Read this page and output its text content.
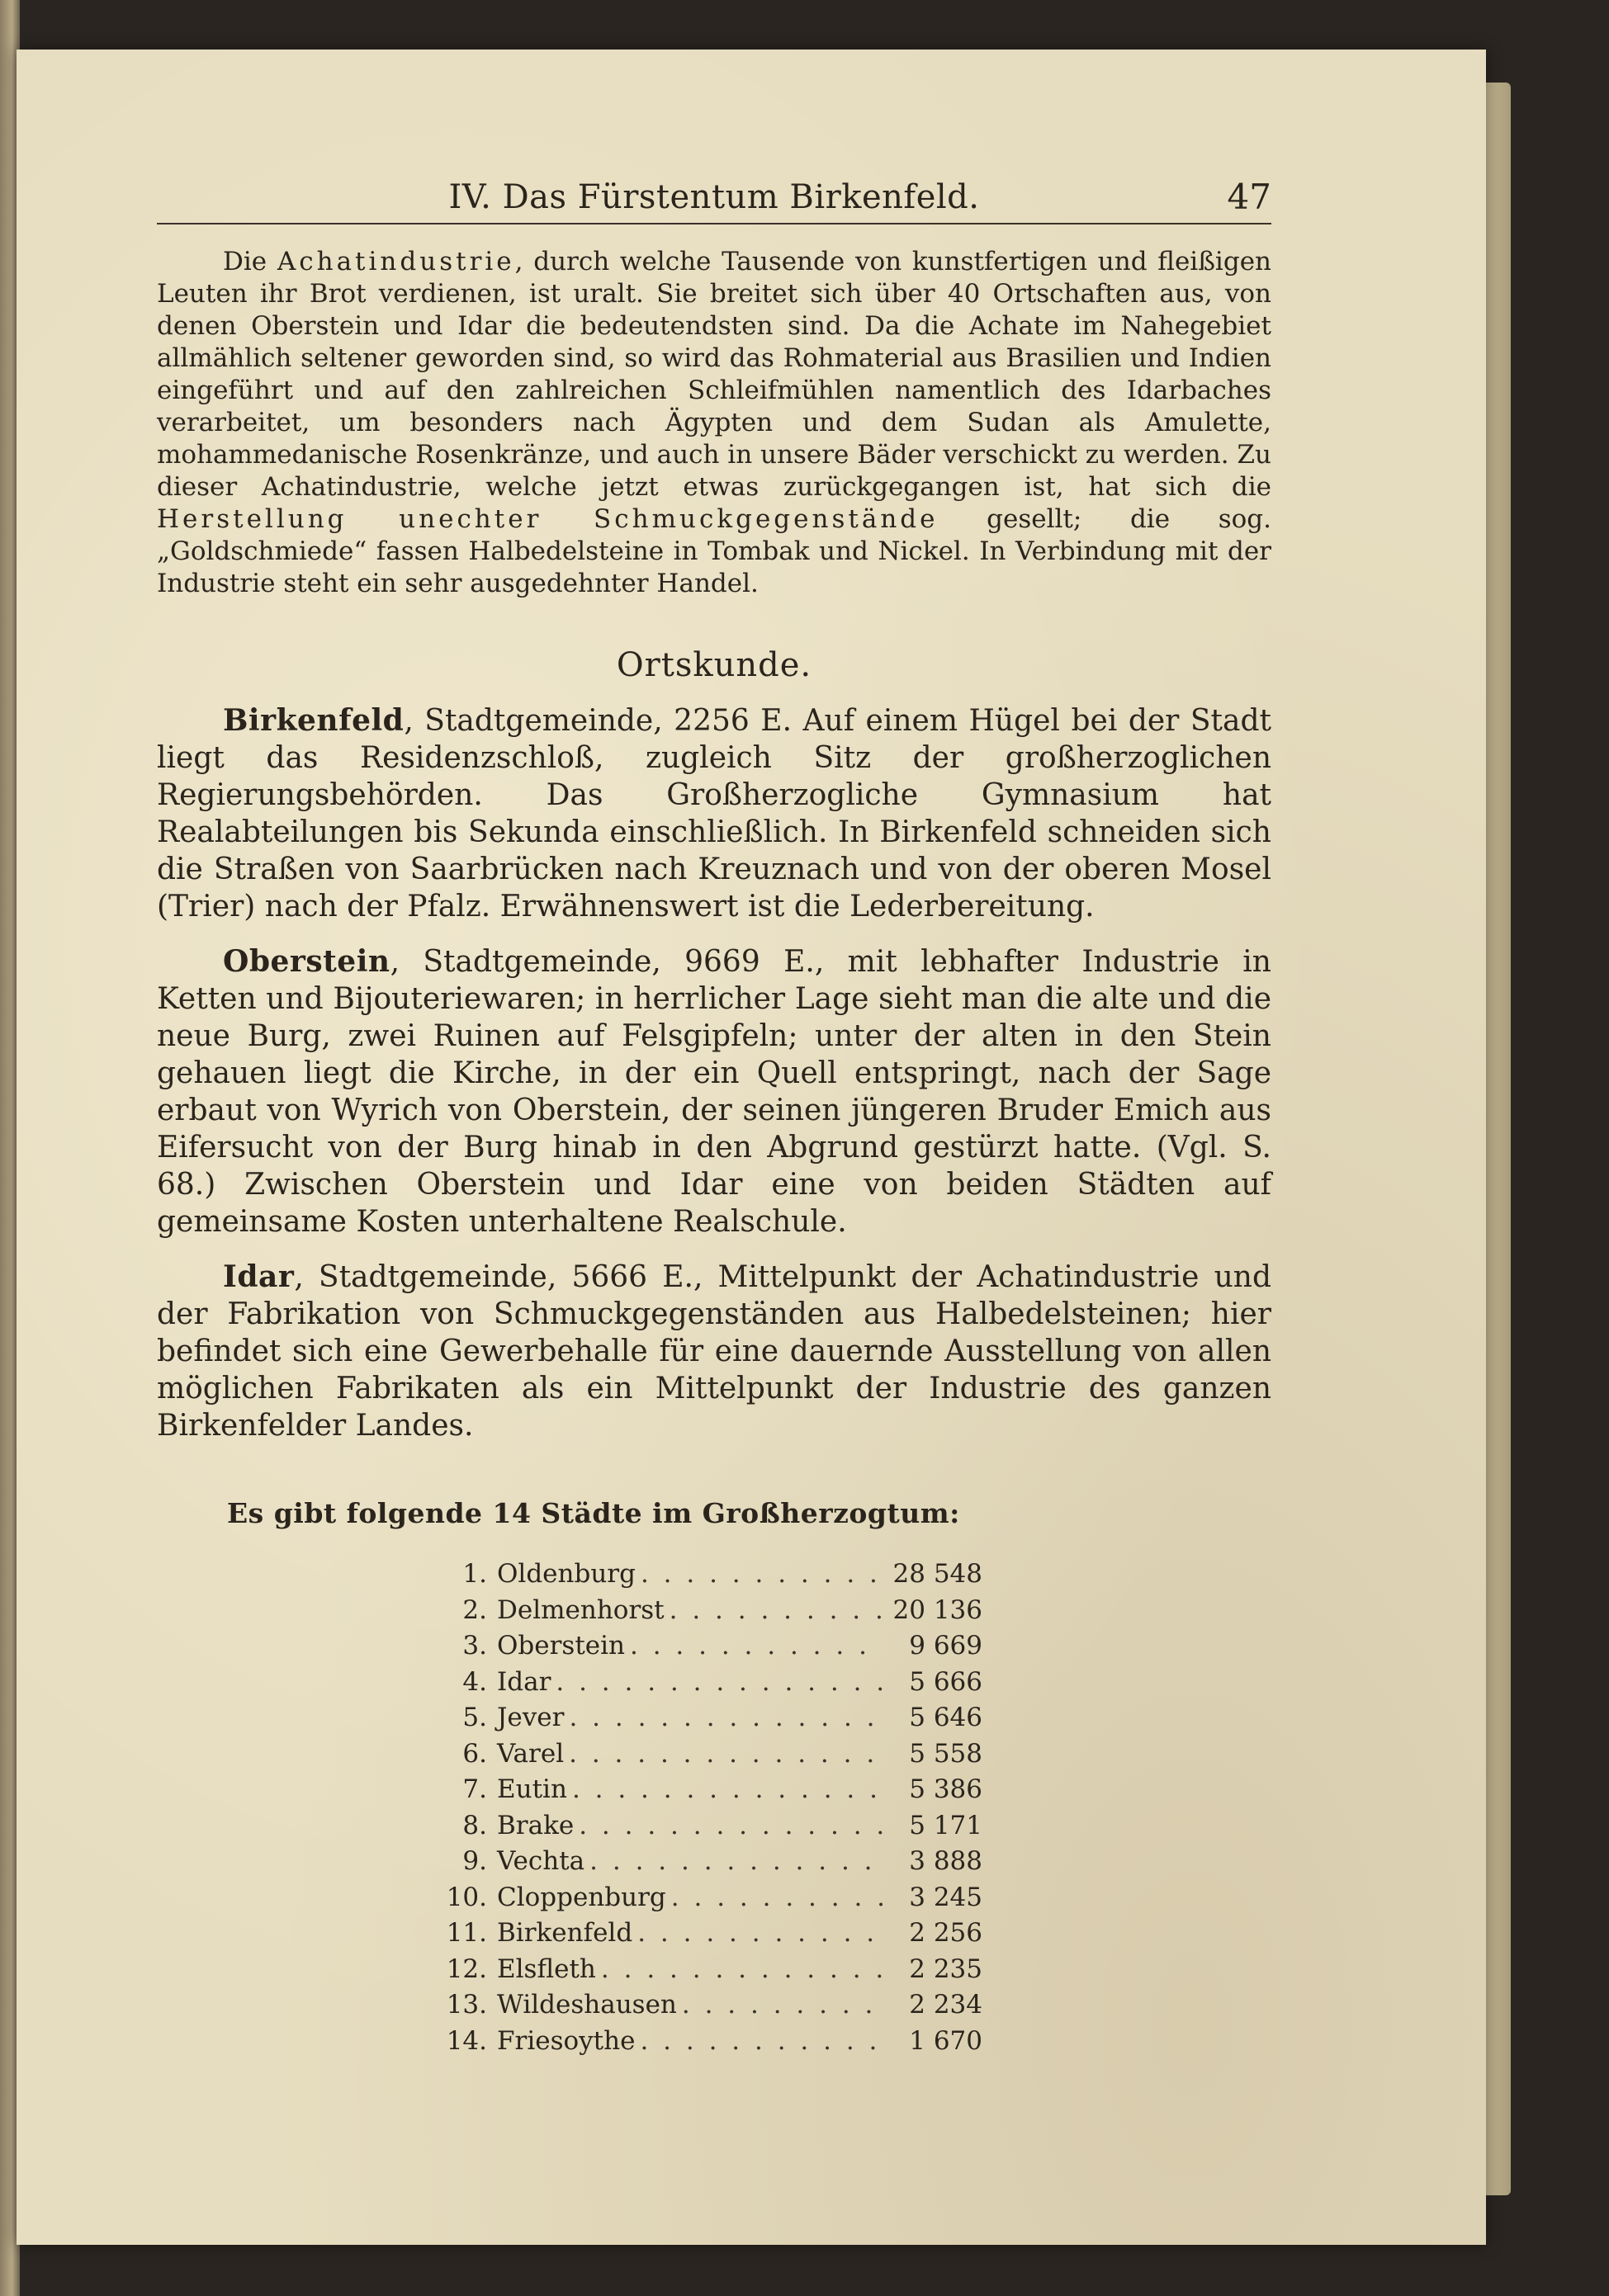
IV. Das Fürstentum Birkenfeld.	47

Die Achatindustrie, durch welche Tausende von kunstfertigen und fleißigen Leuten ihr Brot verdienen, ist uralt. Sie breitet sich über 40 Ortschaften aus, von denen Oberstein und Idar die bedeutendsten sind. Da die Achate im Nahegebiet allmählich seltener geworden sind, so wird das Rohmaterial aus Brasilien und Indien eingeführt und auf den zahlreichen Schleifmühlen namentlich des Idarbaches verarbeitet, um besonders nach Ägypten und dem Sudan als Amulette, mohammedanische Rosenkränze, und auch in unsere Bäder verschickt zu werden. Zu dieser Achatindustrie, welche jetzt etwas zurückgegangen ist, hat sich die Herstellung unechter Schmuckgegenstände gesellt; die sog. „Goldschmiede“ fassen Halbedelsteine in Tombak und Nickel. In Verbindung mit der Industrie steht ein sehr ausgedehnter Handel.

Ortskunde.

Birkenfeld, Stadtgemeinde, 2256 E. Auf einem Hügel bei der Stadt liegt das Residenzschloß, zugleich Sitz der großherzoglichen Regierungsbehörden. Das Großherzogliche Gymnasium hat Realabteilungen bis Sekunda einschließlich. In Birkenfeld schneiden sich die Straßen von Saarbrücken nach Kreuznach und von der oberen Mosel (Trier) nach der Pfalz. Erwähnenswert ist die Lederbereitung.

Oberstein, Stadtgemeinde, 9669 E., mit lebhafter Industrie in Ketten und Bijouteriewaren; in herrlicher Lage sieht man die alte und die neue Burg, zwei Ruinen auf Felsgipfeln; unter der alten in den Stein gehauen liegt die Kirche, in der ein Quell entspringt, nach der Sage erbaut von Wyrich von Oberstein, der seinen jüngeren Bruder Emich aus Eifersucht von der Burg hinab in den Abgrund gestürzt hatte. (Vgl. S. 68.) Zwischen Oberstein und Idar eine von beiden Städten auf gemeinsame Kosten unterhaltene Realschule.

Idar, Stadtgemeinde, 5666 E., Mittelpunkt der Achatindustrie und der Fabrikation von Schmuckgegenständen aus Halbedelsteinen; hier befindet sich eine Gewerbehalle für eine dauernde Ausstellung von allen möglichen Fabrikaten als ein Mittelpunkt der Industrie des ganzen Birkenfelder Landes.

Es gibt folgende 14 Städte im Großherzogtum:
1. Oldenburg . . .	28 548
2. Delmenhorst . . .	20 136
3. Oberstein . . .	9 669
4. Idar . . .	5 666
5. Jever . . .	5 646
6. Varel . . .	5 558
7. Eutin . . .	5 386
8. Brake . . .	5 171
9. Vechta . . .	3 888
10. Cloppenburg . . .	3 245
11. Birkenfeld . . .	2 256
12. Elsfleth . . .	2 235
13. Wildeshausen . . .	2 234
14. Friesoythe . . .	1 670
